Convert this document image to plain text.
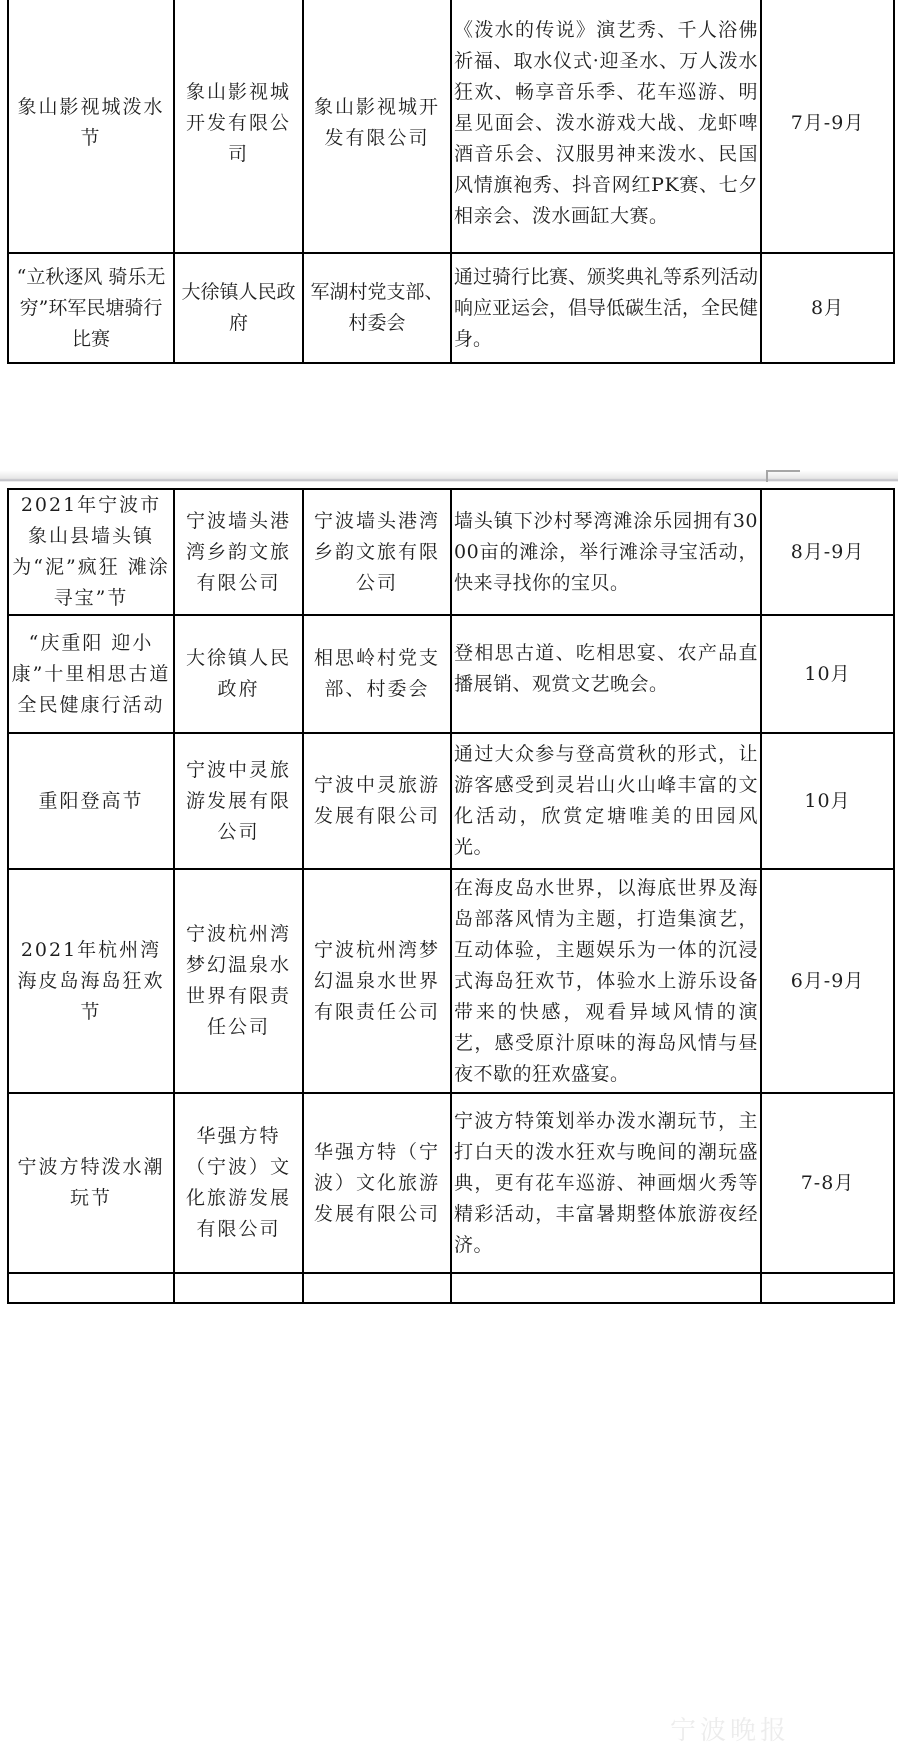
象山影视城泼水节	象山影视城开发有限公司	象山影视城开发有限公司	《泼水的传说》演艺秀、千人浴佛祈福、取水仪式·迎圣水、万人泼水狂欢、畅享音乐季、花车巡游、明星见面会、泼水游戏大战、龙虾啤酒音乐会、汉服男神来泼水、民国风情旗袍秀、抖音网红PK赛、七夕相亲会、泼水画缸大赛。	7月-9月
“立秋逐风 骑乐无穷”环军民塘骑行比赛	大徐镇人民政府	军湖村党支部、村委会	通过骑行比赛、颁奖典礼等系列活动响应亚运会，倡导低碳生活，全民健身。	8月
2021年宁波市象山县墙头镇为“泥”疯狂 滩涂寻宝”节	宁波墙头港湾乡韵文旅有限公司	宁波墙头港湾乡韵文旅有限公司	墙头镇下沙村琴湾滩涂乐园拥有3000亩的滩涂，举行滩涂寻宝活动，快来寻找你的宝贝。	8月-9月
“庆重阳 迎小康”十里相思古道全民健康行活动	大徐镇人民政府	相思岭村党支部、村委会	登相思古道、吃相思宴、农产品直播展销、观赏文艺晚会。	10月
重阳登高节	宁波中灵旅游发展有限公司	宁波中灵旅游发展有限公司	通过大众参与登高赏秋的形式，让游客感受到灵岩山火山峰丰富的文化活动，欣赏定塘唯美的田园风光。	10月
2021年杭州湾海皮岛海岛狂欢节	宁波杭州湾梦幻温泉水世界有限责任公司	宁波杭州湾梦幻温泉水世界有限责任公司	在海皮岛水世界，以海底世界及海岛部落风情为主题，打造集演艺，互动体验，主题娱乐为一体的沉浸式海岛狂欢节，体验水上游乐设备带来的快感，观看异域风情的演艺，感受原汁原味的海岛风情与昼夜不歇的狂欢盛宴。	6月-9月
宁波方特泼水潮玩节	华强方特（宁波）文化旅游发展有限公司	华强方特（宁波）文化旅游发展有限公司	宁波方特策划举办泼水潮玩节，主打白天的泼水狂欢与晚间的潮玩盛典，更有花车巡游、神画烟火秀等精彩活动，丰富暑期整体旅游夜经济。	7-8月

宁波晚报
